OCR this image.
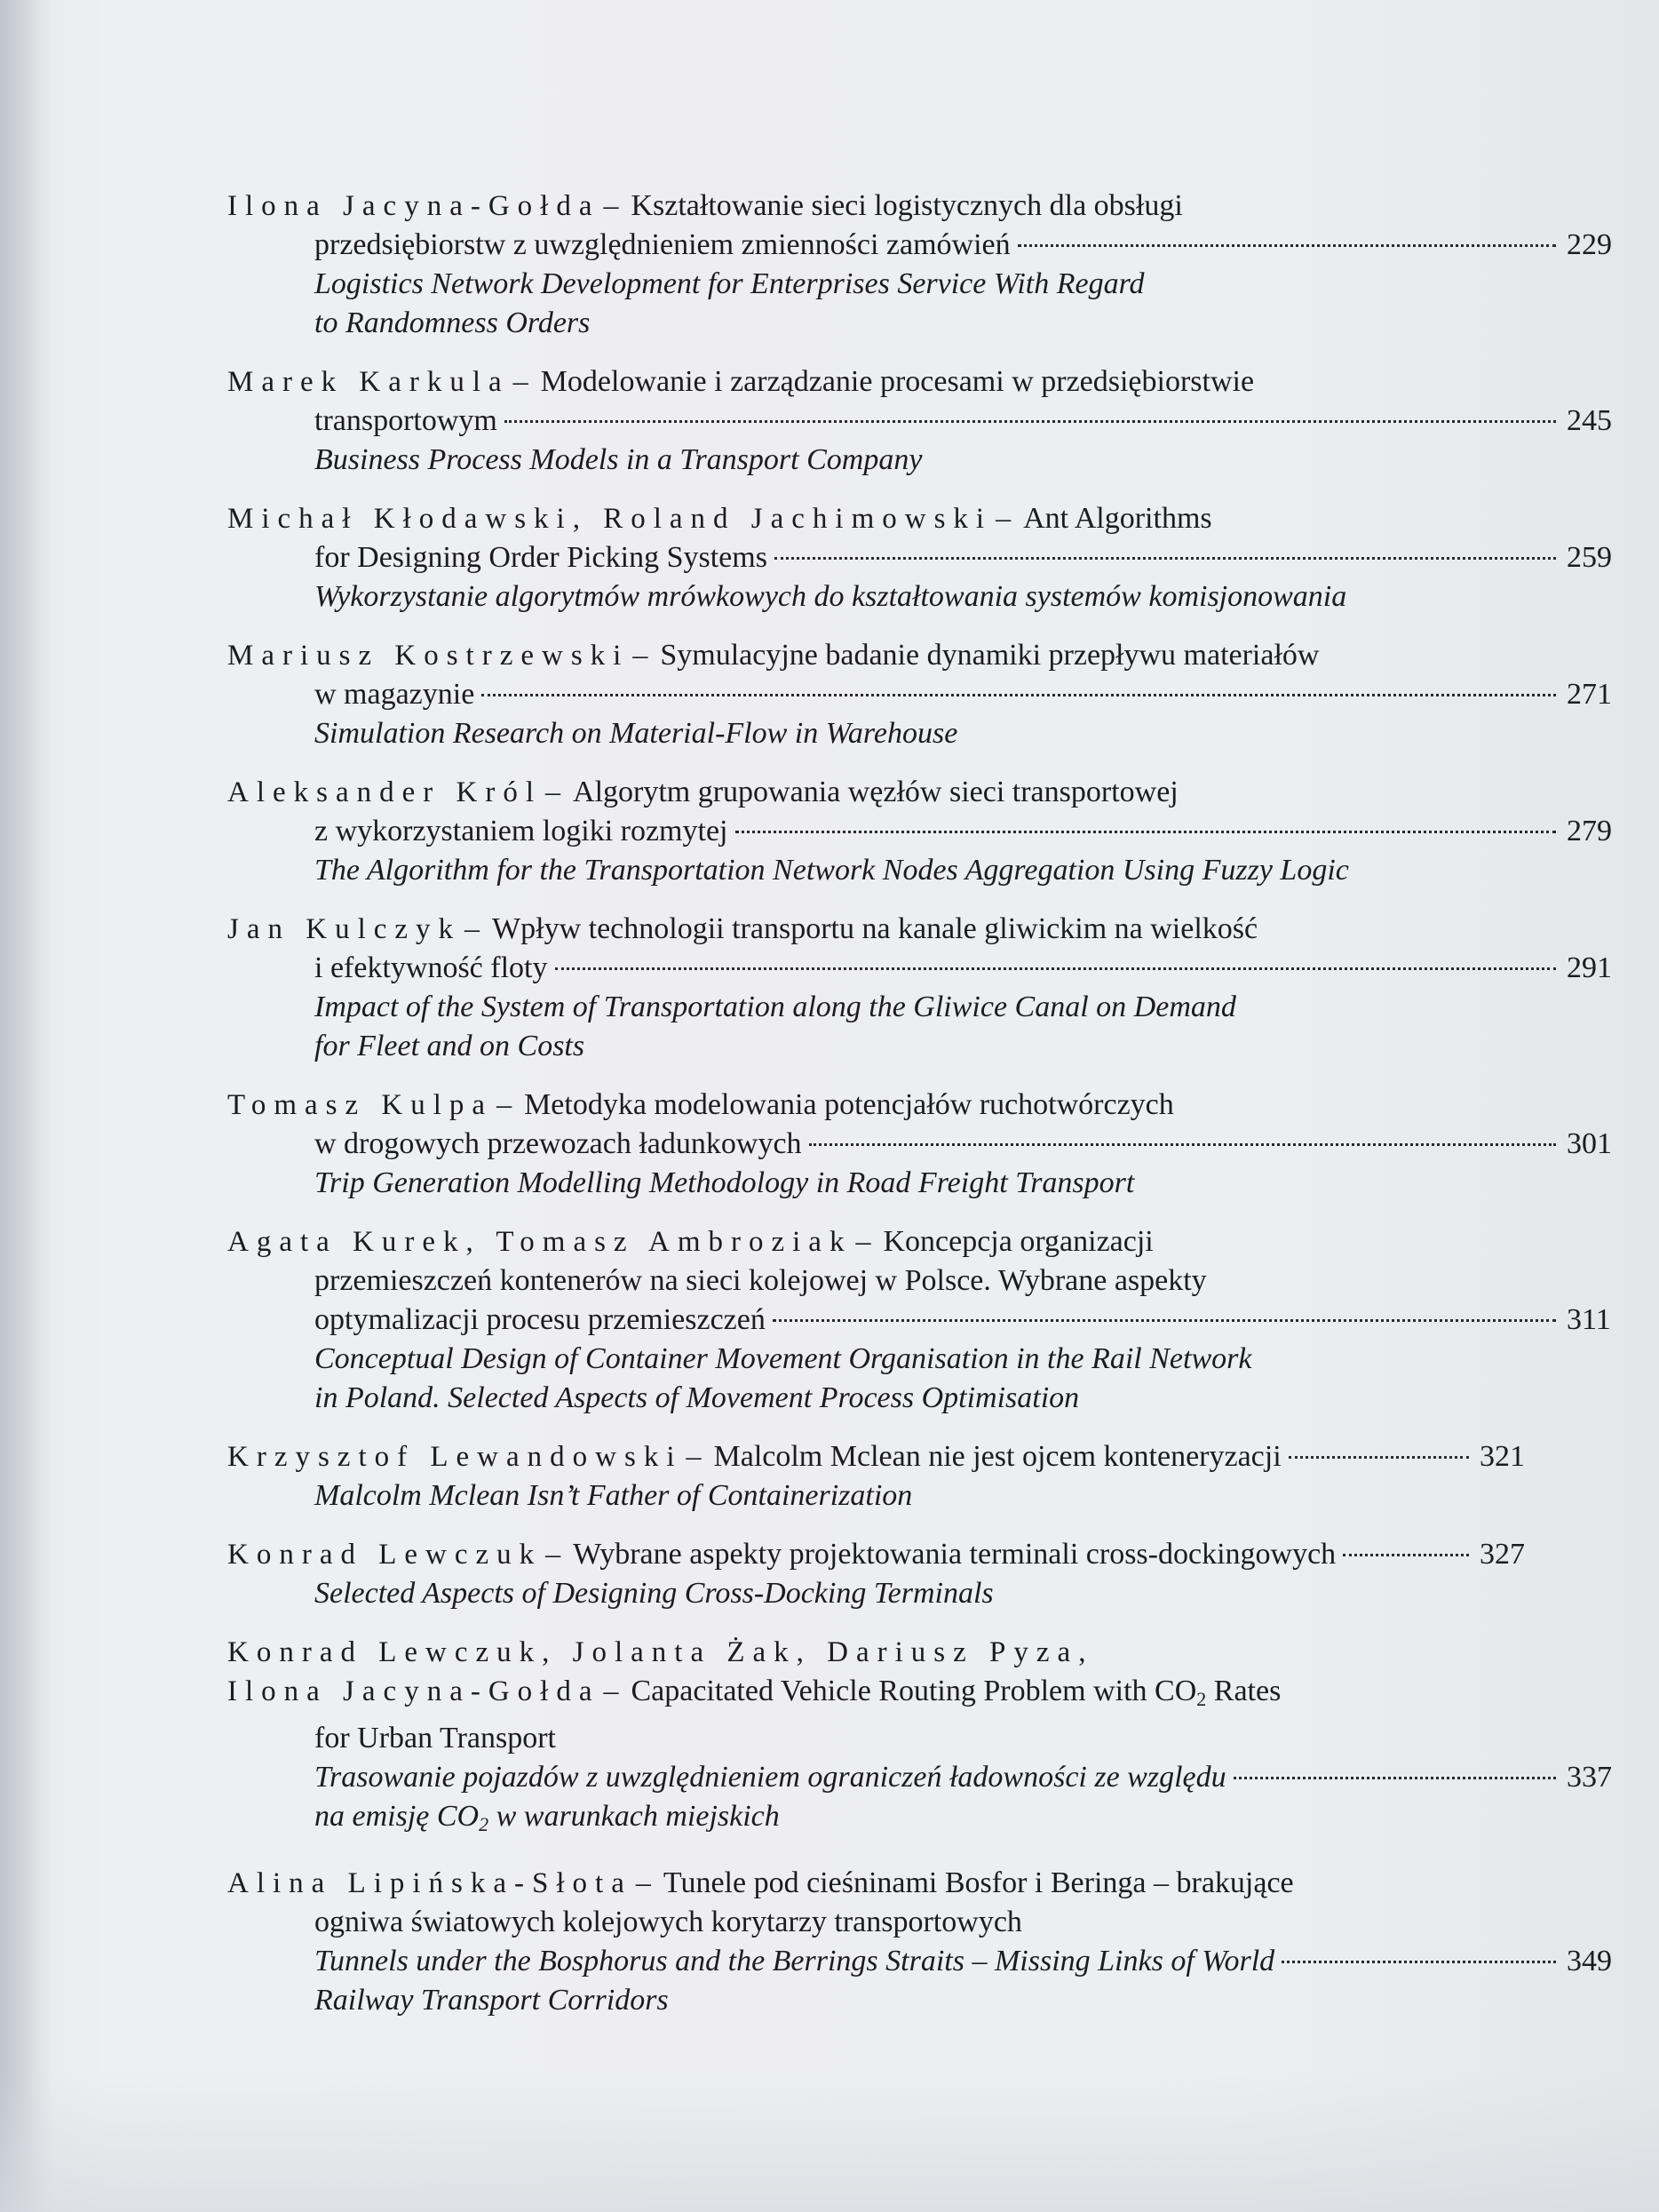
Ilona Jacyna-Gołda – Kształtowanie sieci logistycznych dla obsługi
przedsiębiorstw z uwzględnieniem zmienności zamówień	229
Logistics Network Development for Enterprises Service With Regard
to Randomness Orders
Marek Karkula – Modelowanie i zarządzanie procesami w przedsiębiorstwie
transportowym	245
Business Process Models in a Transport Company
Michał Kłodawski, Roland Jachimowski – Ant Algorithms
for Designing Order Picking Systems	259
Wykorzystanie algorytmów mrówkowych do kształtowania systemów komisjonowania
Mariusz Kostrzewski – Symulacyjne badanie dynamiki przepływu materiałów
w magazynie	271
Simulation Research on Material-Flow in Warehouse
Aleksander Król – Algorytm grupowania węzłów sieci transportowej
z wykorzystaniem logiki rozmytej	279
The Algorithm for the Transportation Network Nodes Aggregation Using Fuzzy Logic
Jan Kulczyk – Wpływ technologii transportu na kanale gliwickim na wielkość
i efektywność floty	291
Impact of the System of Transportation along the Gliwice Canal on Demand
for Fleet and on Costs
Tomasz Kulpa – Metodyka modelowania potencjałów ruchotwórczych
w drogowych przewozach ładunkowych	301
Trip Generation Modelling Methodology in Road Freight Transport
Agata Kurek, Tomasz Ambroziak – Koncepcja organizacji
przemieszczeń kontenerów na sieci kolejowej w Polsce. Wybrane aspekty
optymalizacji procesu przemieszczeń	311
Conceptual Design of Container Movement Organisation in the Rail Network
in Poland. Selected Aspects of Movement Process Optimisation
Krzysztof Lewandowski – Malcolm Mclean nie jest ojcem konteneryzacji	321
Malcolm Mclean Isn’t Father of Containerization
Konrad Lewczuk – Wybrane aspekty projektowania terminali cross-dockingowych	327
Selected Aspects of Designing Cross-Docking Terminals
Konrad Lewczuk, Jolanta Żak, Dariusz Pyza,
Ilona Jacyna-Gołda – Capacitated Vehicle Routing Problem with $CO_2$ Rates
for Urban Transport
Trasowanie pojazdów z uwzględnieniem ograniczeń ładowności ze względu	337
na emisję $CO_2$ w warunkach miejskich
Alina Lipińska-Słota – Tunele pod cieśninami Bosfor i Beringa – brakujące
ogniwa światowych kolejowych korytarzy transportowych
Tunnels under the Bosphorus and the Berrings Straits – Missing Links of World	349
Railway Transport Corridors
